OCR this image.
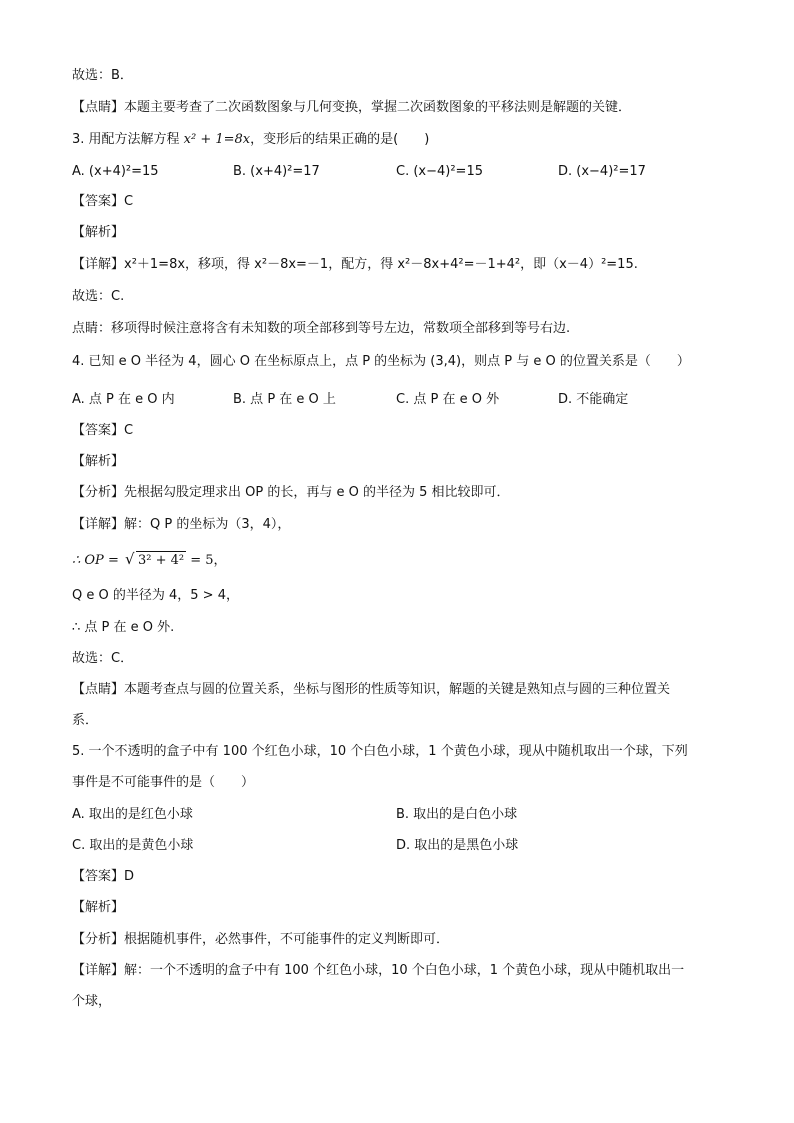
故选：B．
【点睛】本题主要考查了二次函数图象与几何变换，掌握二次函数图象的平移法则是解题的关键．
3. 用配方法解方程 x² + 1=8x，变形后的结果正确的是(　　)
A. (x+4)²=15	B. (x+4)²=17	C. (x−4)²=15	D. (x−4)²=17
【答案】C
【解析】
【详解】x²＋1=8x，移项，得 x²－8x=－1，配方，得 x²－8x+4²=－1+4²，即（x－4）²=15.
故选：C.
点睛：移项得时候注意将含有未知数的项全部移到等号左边，常数项全部移到等号右边.
4. 已知 e O 半径为 4，圆心 O 在坐标原点上，点 P 的坐标为 (3,4)，则点 P 与 e O 的位置关系是（　　）
A. 点 P 在 e O 内	B. 点 P 在 e O 上	C. 点 P 在 e O 外	D. 不能确定
【答案】C
【解析】
【分析】先根据勾股定理求出 OP 的长，再与 e O 的半径为 5 相比较即可．
【详解】解：Q P 的坐标为（3，4），
∴ OP = √ 3² + 4² = 5，
Q e O 的半径为 4，5 > 4，
∴ 点 P 在 e O 外.
故选：C．
【点睛】本题考查点与圆的位置关系，坐标与图形的性质等知识，解题的关键是熟知点与圆的三种位置关
系．
5. 一个不透明的盒子中有 100 个红色小球，10 个白色小球，1 个黄色小球，现从中随机取出一个球，下列
事件是不可能事件的是（　　）
A. 取出的是红色小球	B. 取出的是白色小球
C. 取出的是黄色小球	D. 取出的是黑色小球
【答案】D
【解析】
【分析】根据随机事件，必然事件，不可能事件的定义判断即可．
【详解】解：一个不透明的盒子中有 100 个红色小球，10 个白色小球，1 个黄色小球，现从中随机取出一
个球，
